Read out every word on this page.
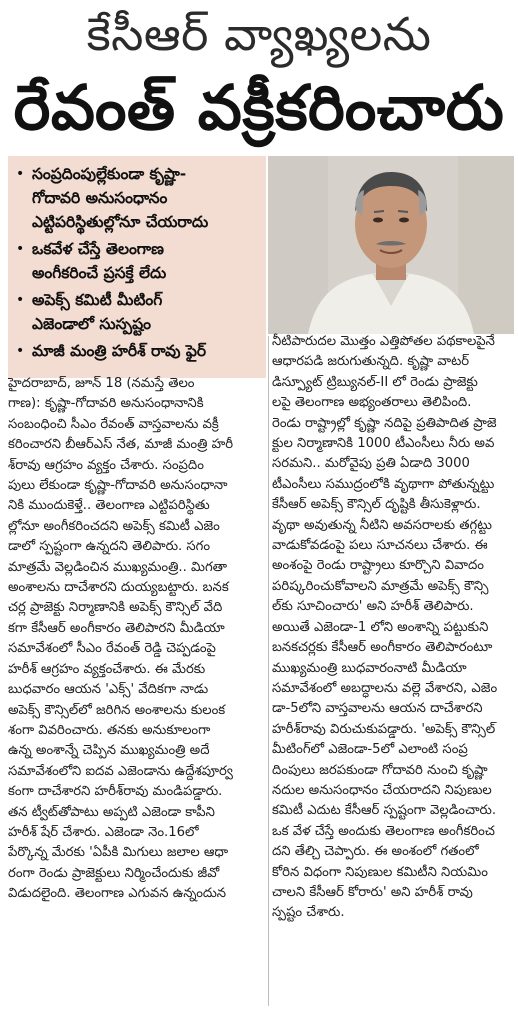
కేసీఆర్ వ్యాఖ్యలను
రేవంత్ వక్రీకరించారు
• సంప్రదింపుల్లేకుండా కృష్ణా-
గోదావరి అనుసంధానం
ఎట్టిపరిస్థితుల్లోనూ చేయరాదు
• ఒకవేళ చేస్తే తెలంగాణ
అంగీకరించే ప్రసక్తే లేదు
• అపెక్స్ కమిటీ మీటింగ్
ఎజెండాలో సుస్పష్టం
• మాజీ మంత్రి హరీశ్ రావు ఫైర్
హైదరాబాద్, జూన్ 18 (నమస్తే తెలం
గాణ): కృష్ణా-గోదావరి అనుసంధానానికి
సంబంధించి సీఎం రేవంత్ వాస్తవాలను వక్రీ
కరించారని బీఆర్ఎస్ నేత, మాజీ మంత్రి హరీ
శ్‌రావు ఆగ్రహం వ్యక్తం చేశారు. సంప్రదిం
పులు లేకుండా కృష్ణా-గోదావరి అనుసంధానా
నికి ముందుకెళ్తే.. తెలంగాణ ఎట్టిపరిస్థితు
ల్లోనూ అంగీకరించదని అపెక్స్ కమిటీ ఎజెం
డాలో స్పష్టంగా ఉన్నదని తెలిపారు. సగం
మాత్రమే వెల్లడించిన ముఖ్యమంత్రి.. మిగతా
అంశాలను దాచేశారని దుయ్యబట్టారు. బనక
చర్ల ప్రాజెక్టు నిర్మాణానికి అపెక్స్ కౌన్సిల్ వేది
కగా కేసీఆర్ అంగీకారం తెలిపారని మీడియా
సమావేశంలో సీఎం రేవంత్ రెడ్డి చెప్పడంపై
హరీశ్ ఆగ్రహం వ్యక్తంచేశారు. ఈ మేరకు
బుధవారం ఆయన 'ఎక్స్' వేదికగా నాడు
అపెక్స్ కౌన్సిల్‌లో జరిగిన అంశాలను కులంక
శంగా వివరించారు. తనకు అనుకూలంగా
ఉన్న అంశాన్నే చెప్పిన ముఖ్యమంత్రి అదే
సమావేశంలోని ఐదవ ఎజెండాను ఉద్దేశపూర్వ
కంగా దాచేశారని హరీశ్‌రావు మండిపడ్డారు.
తన ట్వీట్‌తోపాటు అప్పటి ఎజెండా కాపీని
హరీశ్ షేర్ చేశారు. ఎజెండా నెం.16లో
పేర్కొన్న మేరకు 'ఏపీకి మిగులు జలాల ఆధా
రంగా రెండు ప్రాజెక్టులు నిర్మించేందుకు జీవో
విడుదలైంది. తెలంగాణ ఎగువన ఉన్నందున
నీటిపారుదల మొత్తం ఎత్తిపోతల పథకాలపైనే
ఆధారపడి జరుగుతున్నది. కృష్ణా వాటర్
డిస్ప్యూట్ ట్రిబ్యునల్-II లో రెండు ప్రాజెక్టు
లపై తెలంగాణ అభ్యంతరాలు తెలిపింది.
రెండు రాష్ట్రాల్లో కృష్ణా నదిపై ప్రతిపాదిత ప్రాజె
క్టుల నిర్మాణానికి 1000 టీఎంసీలు నీరు అవ
సరమని.. మరోవైపు ప్రతి ఏడాది 3000
టీఎంసీలు సముద్రంలోకి వృథాగా పోతున్నట్టు
కేసీఆర్ అపెక్స్ కౌన్సిల్ దృష్టికి తీసుకెళ్లారు.
వృథా అవుతున్న నీటిని అవసరాలకు తగ్గట్టు
వాడుకోవడంపై పలు సూచనలు చేశారు. ఈ
అంశంపై రెండు రాష్ట్రాలు కూర్చొని వివాదం
పరిష్కరించుకోవాలని మాత్రమే అపెక్స్ కౌన్సి
ల్‌కు సూచించారు' అని హరీశ్ తెలిపారు.
అయితే ఎజెండా-1 లోని అంశాన్ని పట్టుకుని
బనకచర్లకు కేసీఆర్ అంగీకారం తెలిపారంటూ
ముఖ్యమంత్రి బుధవారంనాటి మీడియా
సమావేశంలో అబద్ధాలను వల్లె వేశారని, ఎజెం
డా-5లోని వాస్తవాలను ఆయన దాచేశారని
హరీశ్‌రావు విరుచుకుపడ్డారు. 'అపెక్స్ కౌన్సిల్
మీటింగ్‌లో ఎజెండా-5లో ఎలాంటి సంప్ర
దింపులు జరపకుండా గోదావరి నుంచి కృష్ణా
నదుల అనుసంధానం చేయరాదని నిపుణుల
కమిటీ ఎదుట కేసీఆర్ స్పష్టంగా వెల్లడించారు.
ఒక వేళ చేస్తే అందుకు తెలంగాణ అంగీకరించ
దని తేల్చి చెప్పారు. ఈ అంశంలో గతంలో
కోరిన విధంగా నిపుణుల కమిటీని నియమిం
చాలని కేసీఆర్ కోరారు' అని హరీశ్ రావు
స్పష్టం చేశారు.
